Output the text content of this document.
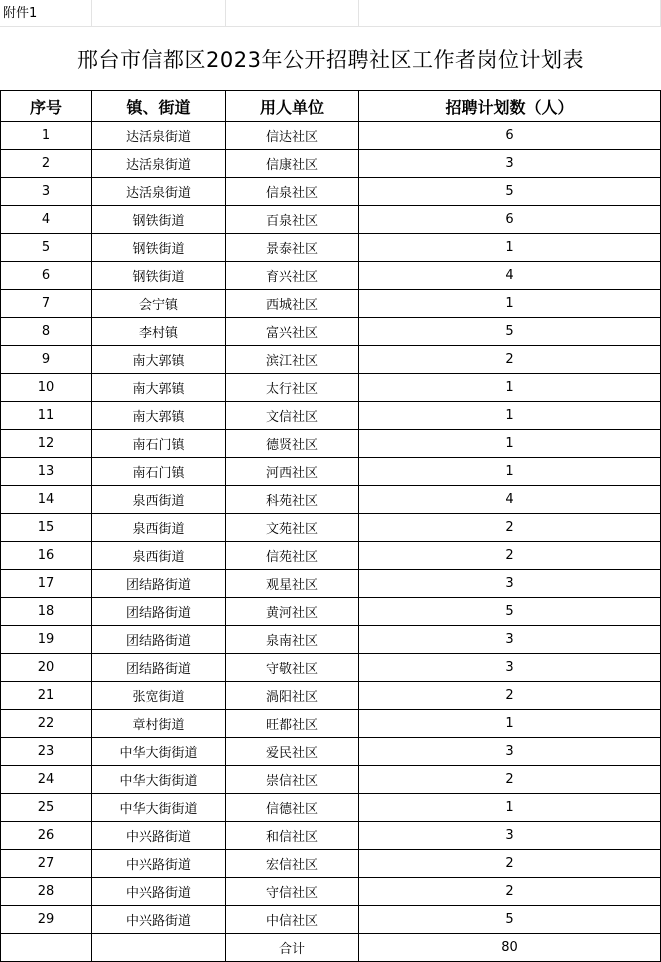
附件1
邢台市信都区2023年公开招聘社区工作者岗位计划表
序号	镇、街道	用人单位	招聘计划数（人）
1	达活泉街道	信达社区	6
2	达活泉街道	信康社区	3
3	达活泉街道	信泉社区	5
4	钢铁街道	百泉社区	6
5	钢铁街道	景泰社区	1
6	钢铁街道	育兴社区	4
7	会宁镇	西城社区	1
8	李村镇	富兴社区	5
9	南大郭镇	滨江社区	2
10	南大郭镇	太行社区	1
11	南大郭镇	文信社区	1
12	南石门镇	德贤社区	1
13	南石门镇	河西社区	1
14	泉西街道	科苑社区	4
15	泉西街道	文苑社区	2
16	泉西街道	信苑社区	2
17	团结路街道	观星社区	3
18	团结路街道	黄河社区	5
19	团结路街道	泉南社区	3
20	团结路街道	守敬社区	3
21	张宽街道	渦阳社区	2
22	章村街道	旺都社区	1
23	中华大街街道	爱民社区	3
24	中华大街街道	崇信社区	2
25	中华大街街道	信德社区	1
26	中兴路街道	和信社区	3
27	中兴路街道	宏信社区	2
28	中兴路街道	守信社区	2
29	中兴路街道	中信社区	5
		合计	80
